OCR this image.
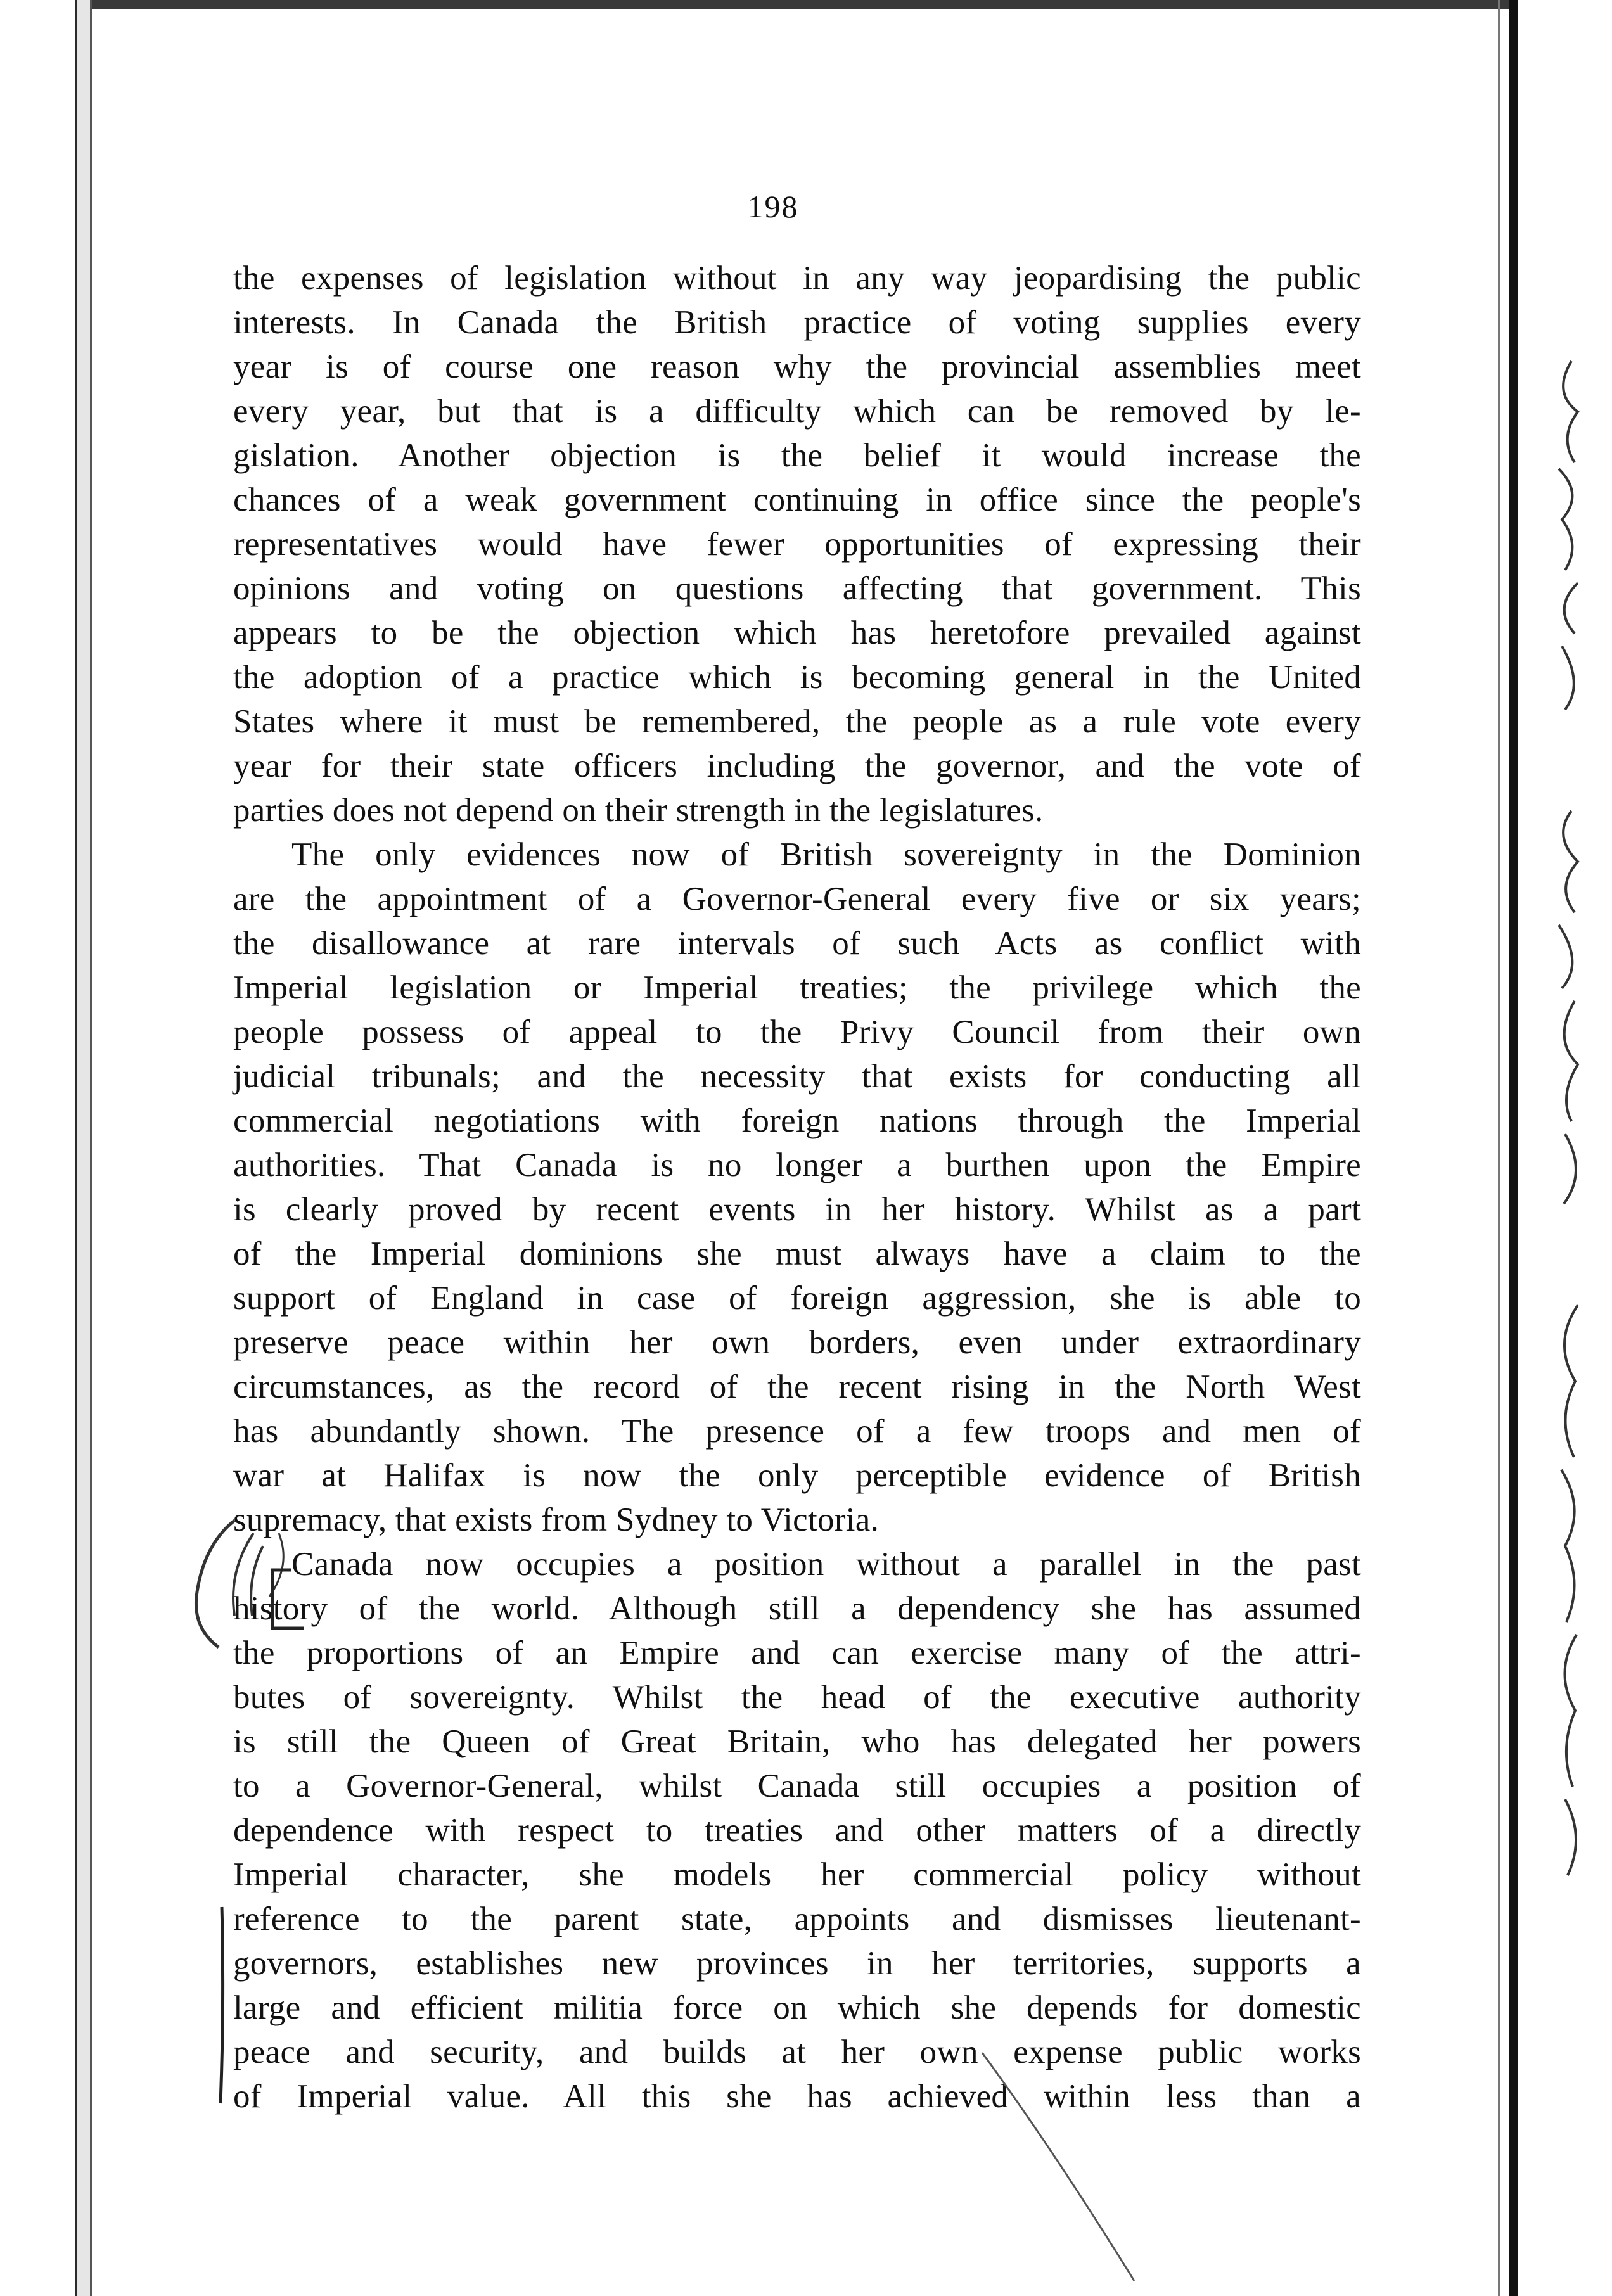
198
the expenses of legislation without in any way jeopardising the public
interests. In Canada the British practice of voting supplies every
year is of course one reason why the provincial assemblies meet
every year, but that is a difficulty which can be removed by le-
gislation. Another objection is the belief it would increase the
chances of a weak government continuing in office since the people's
representatives would have fewer opportunities of expressing their
opinions and voting on questions affecting that government. This
appears to be the objection which has heretofore prevailed against
the adoption of a practice which is becoming general in the United
States where it must be remembered, the people as a rule vote every
year for their state officers including the governor, and the vote of
parties does not depend on their strength in the legislatures.
The only evidences now of British sovereignty in the Dominion
are the appointment of a Governor-General every five or six years;
the disallowance at rare intervals of such Acts as conflict with
Imperial legislation or Imperial treaties; the privilege which the
people possess of appeal to the Privy Council from their own
judicial tribunals; and the necessity that exists for conducting all
commercial negotiations with foreign nations through the Imperial
authorities. That Canada is no longer a burthen upon the Empire
is clearly proved by recent events in her history. Whilst as a part
of the Imperial dominions she must always have a claim to the
support of England in case of foreign aggression, she is able to
preserve peace within her own borders, even under extraordinary
circumstances, as the record of the recent rising in the North West
has abundantly shown. The presence of a few troops and men of
war at Halifax is now the only perceptible evidence of British
supremacy, that exists from Sydney to Victoria.
Canada now occupies a position without a parallel in the past
history of the world. Although still a dependency she has assumed
the proportions of an Empire and can exercise many of the attri-
butes of sovereignty. Whilst the head of the executive authority
is still the Queen of Great Britain, who has delegated her powers
to a Governor-General, whilst Canada still occupies a position of
dependence with respect to treaties and other matters of a directly
Imperial character, she models her commercial policy without
reference to the parent state, appoints and dismisses lieutenant-
governors, establishes new provinces in her territories, supports a
large and efficient militia force on which she depends for domestic
peace and security, and builds at her own expense public works
of Imperial value. All this she has achieved within less than a
